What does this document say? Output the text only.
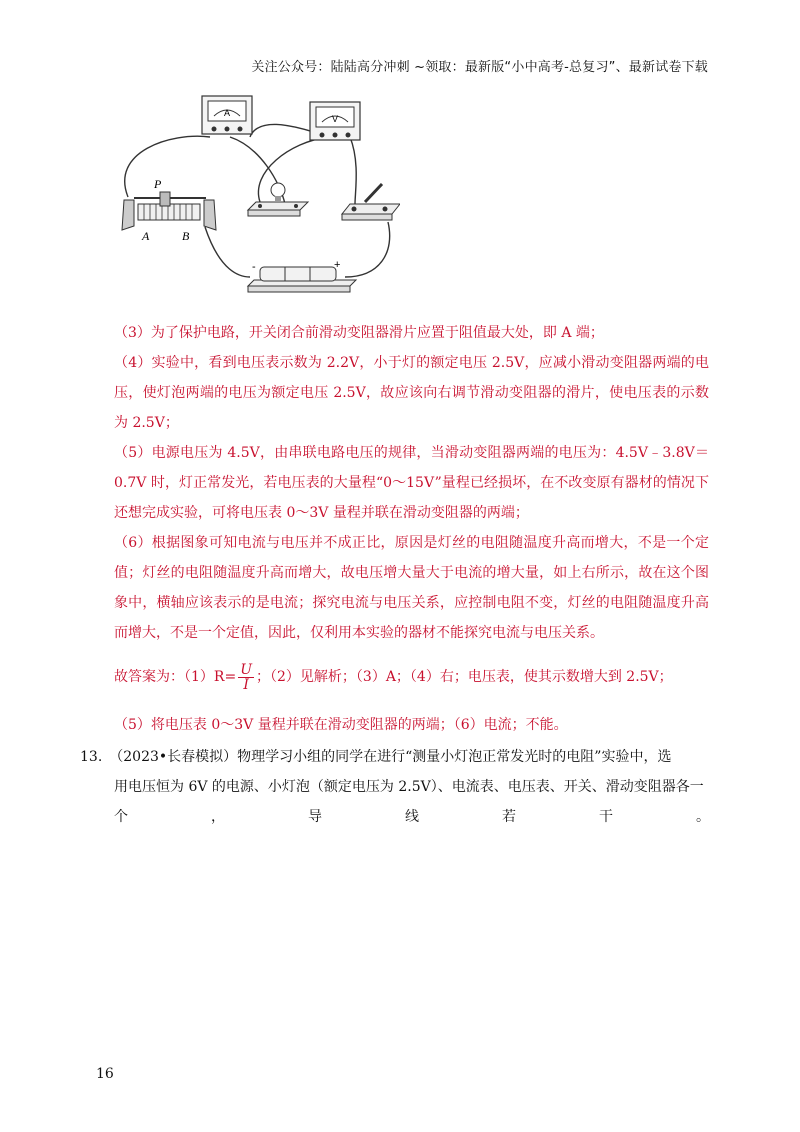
关注公众号：陆陆高分冲刺 ~领取：最新版“小中高考-总复习”、最新试卷下载
A
V
P
A	B
-	+

（3）为了保护电路，开关闭合前滑动变阻器滑片应置于阻值最大处，即 A 端；

（4）实验中，看到电压表示数为 2.2V，小于灯的额定电压 2.5V，应减小滑动变阻器两端的电压，使灯泡两端的电压为额定电压 2.5V，故应该向右调节滑动变阻器的滑片，使电压表的示数为 2.5V；

（5）电源电压为 4.5V，由串联电路电压的规律，当滑动变阻器两端的电压为：4.5V﹣3.8V＝0.7V 时，灯正常发光，若电压表的大量程“0～15V”量程已经损坏，在不改变原有器材的情况下还想完成实验，可将电压表 0～3V 量程并联在滑动变阻器的两端；

（6）根据图象可知电流与电压并不成正比，原因是灯丝的电阻随温度升高而增大，不是一个定值；灯丝的电阻随温度升高而增大，故电压增大量大于电流的增大量，如上右所示，故在这个图象中，横轴应该表示的是电流；探究电流与电压关系，应控制电阻不变，灯丝的电阻随温度升高而增大，不是一个定值，因此，仅利用本实验的器材不能探究电流与电压关系。

故答案为：$(1)R= \frac{U}{I}$ ；（2）见解析；（3）A；（4）右；电压表，使其示数增大到 2.5V；
（5）将电压表 0～3V 量程并联在滑动变阻器的两端；（6）电流；不能。
13.　（2023•长春模拟）物理学习小组的同学在进行“测量小灯泡正常发光时的电阻”实验中，选
用电压恒为 6V 的电源、小灯泡（额定电压为 2.5V）、电流表、电压表、开关、滑动变阻器各一
个	，	导	线	若	干	。
16
